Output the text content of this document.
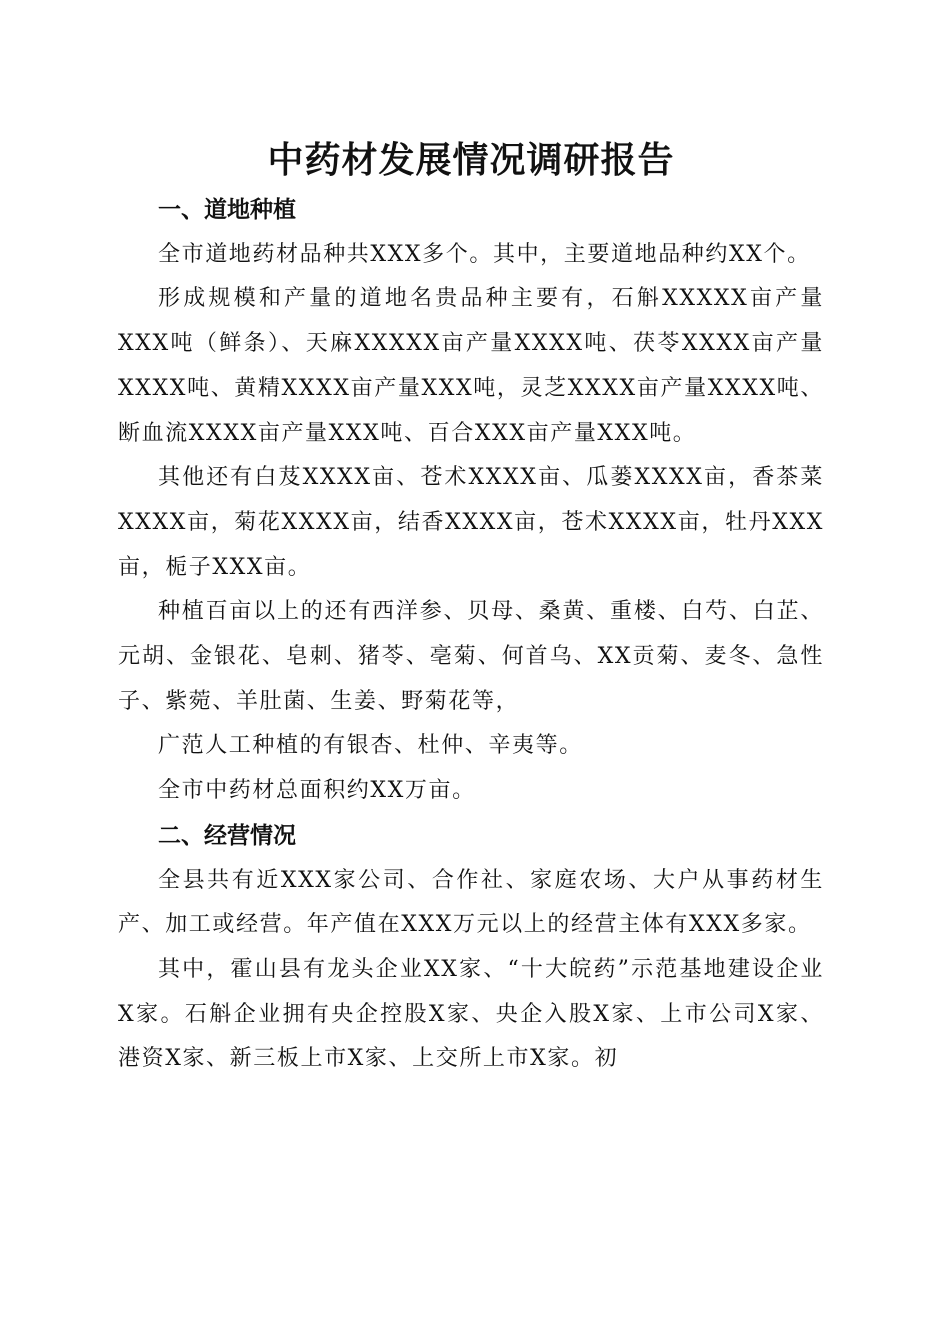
中药材发展情况调研报告
一、道地种植

全市道地药材品种共XXX多个。其中，主要道地品种约XX个。

形成规模和产量的道地名贵品种主要有，石斛XXXXX亩产量XXX吨（鲜条）、天麻XXXXX亩产量XXXX吨、茯苓XXXX亩产量XXXX吨、黄精XXXX亩产量XXX吨，灵芝XXXX亩产量XXXX吨、断血流XXXX亩产量XXX吨、百合XXX亩产量XXX吨。

其他还有白芨XXXX亩、苍术XXXX亩、瓜蒌XXXX亩，香茶菜XXXX亩，菊花XXXX亩，结香XXXX亩，苍术XXXX亩，牡丹XXX亩，栀子XXX亩。

种植百亩以上的还有西洋参、贝母、桑黄、重楼、白芍、白芷、元胡、金银花、皂刺、猪苓、亳菊、何首乌、XX贡菊、麦冬、急性子、紫菀、羊肚菌、生姜、野菊花等，

广范人工种植的有银杏、杜仲、辛夷等。

全市中药材总面积约XX万亩。

二、经营情况

全县共有近XXX家公司、合作社、家庭农场、大户从事药材生产、加工或经营。年产值在XXX万元以上的经营主体有XXX多家。

其中，霍山县有龙头企业XX家、“十大皖药”示范基地建设企业X家。石斛企业拥有央企控股X家、央企入股X家、上市公司X家、港资X家、新三板上市X家、上交所上市X家。初
